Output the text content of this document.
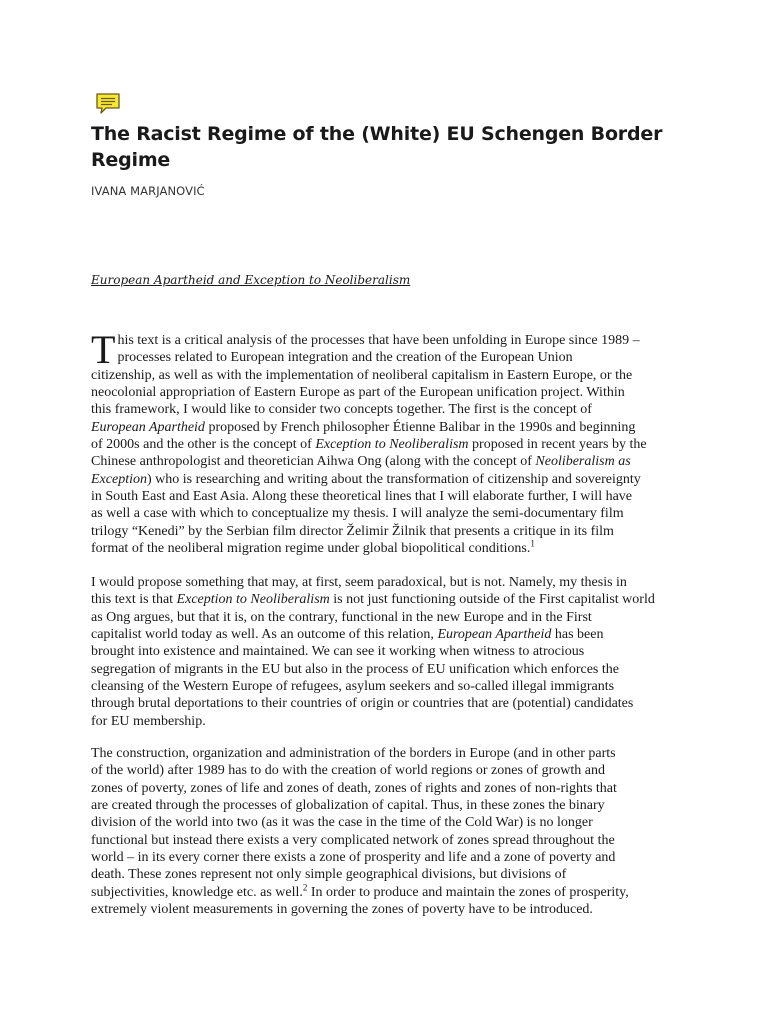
The Racist Regime of the (White) EU Schengen Border Regime
IVANA MARJANOVIĆ
European Apartheid and Exception to Neoliberalism
T his text is a critical analysis of the processes that have been unfolding in Europe since 1989 –
processes related to European integration and the creation of the European Union
citizenship, as well as with the implementation of neoliberal capitalism in Eastern Europe, or the
neocolonial appropriation of Eastern Europe as part of the European unification project. Within
this framework, I would like to consider two concepts together. The first is the concept of
European Apartheid proposed by French philosopher Étienne Balibar in the 1990s and beginning
of 2000s and the other is the concept of Exception to Neoliberalism proposed in recent years by the
Chinese anthropologist and theoretician Aihwa Ong (along with the concept of Neoliberalism as
Exception) who is researching and writing about the transformation of citizenship and sovereignty
in South East and East Asia. Along these theoretical lines that I will elaborate further, I will have
as well a case with which to conceptualize my thesis. I will analyze the semi-documentary film
trilogy “Kenedi” by the Serbian film director Želimir Žilnik that presents a critique in its film
format of the neoliberal migration regime under global biopolitical conditions.$^1$
I would propose something that may, at first, seem paradoxical, but is not. Namely, my thesis in
this text is that Exception to Neoliberalism is not just functioning outside of the First capitalist world
as Ong argues, but that it is, on the contrary, functional in the new Europe and in the First
capitalist world today as well. As an outcome of this relation, European Apartheid has been
brought into existence and maintained. We can see it working when witness to atrocious
segregation of migrants in the EU but also in the process of EU unification which enforces the
cleansing of the Western Europe of refugees, asylum seekers and so-called illegal immigrants
through brutal deportations to their countries of origin or countries that are (potential) candidates
for EU membership.
The construction, organization and administration of the borders in Europe (and in other parts
of the world) after 1989 has to do with the creation of world regions or zones of growth and
zones of poverty, zones of life and zones of death, zones of rights and zones of non-rights that
are created through the processes of globalization of capital. Thus, in these zones the binary
division of the world into two (as it was the case in the time of the Cold War) is no longer
functional but instead there exists a very complicated network of zones spread throughout the
world – in its every corner there exists a zone of prosperity and life and a zone of poverty and
death. These zones represent not only simple geographical divisions, but divisions of
subjectivities, knowledge etc. as well.$^2$ In order to produce and maintain the zones of prosperity,
extremely violent measurements in governing the zones of poverty have to be introduced.
